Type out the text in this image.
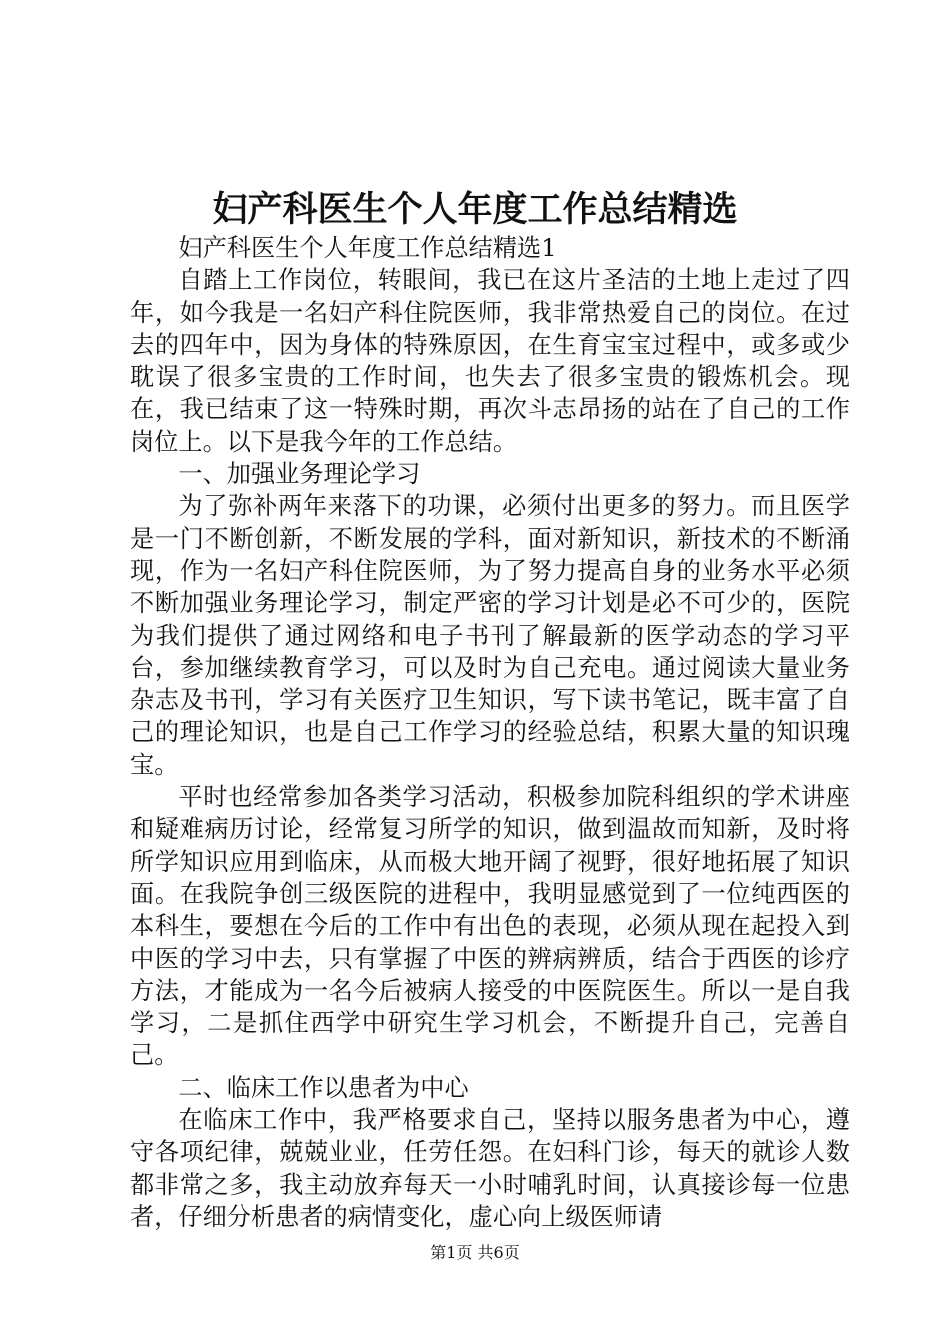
妇产科医生个人年度工作总结精选

妇产科医生个人年度工作总结精选1

自踏上工作岗位，转眼间，我已在这片圣洁的土地上走过了四年，如今我是一名妇产科住院医师，我非常热爱自己的岗位。在过去的四年中，因为身体的特殊原因，在生育宝宝过程中，或多或少耽误了很多宝贵的工作时间，也失去了很多宝贵的锻炼机会。现在，我已结束了这一特殊时期，再次斗志昂扬的站在了自己的工作岗位上。以下是我今年的工作总结。

一、加强业务理论学习

为了弥补两年来落下的功课，必须付出更多的努力。而且医学是一门不断创新，不断发展的学科，面对新知识，新技术的不断涌现，作为一名妇产科住院医师，为了努力提高自身的业务水平必须不断加强业务理论学习，制定严密的学习计划是必不可少的，医院为我们提供了通过网络和电子书刊了解最新的医学动态的学习平台，参加继续教育学习，可以及时为自己充电。通过阅读大量业务杂志及书刊，学习有关医疗卫生知识，写下读书笔记，既丰富了自己的理论知识，也是自己工作学习的经验总结，积累大量的知识瑰宝。

平时也经常参加各类学习活动，积极参加院科组织的学术讲座和疑难病历讨论，经常复习所学的知识，做到温故而知新，及时将所学知识应用到临床，从而极大地开阔了视野，很好地拓展了知识面。在我院争创三级医院的进程中，我明显感觉到了一位纯西医的本科生，要想在今后的工作中有出色的表现，必须从现在起投入到中医的学习中去，只有掌握了中医的辨病辨质，结合于西医的诊疗方法，才能成为一名今后被病人接受的中医院医生。所以一是自我学习，二是抓住西学中研究生学习机会，不断提升自己，完善自己。

二、临床工作以患者为中心

在临床工作中，我严格要求自己，坚持以服务患者为中心，遵守各项纪律，兢兢业业，任劳任怨。在妇科门诊，每天的就诊人数都非常之多，我主动放弃每天一小时哺乳时间，认真接诊每一位患者，仔细分析患者的病情变化，虚心向上级医师请

第1页 共6页
